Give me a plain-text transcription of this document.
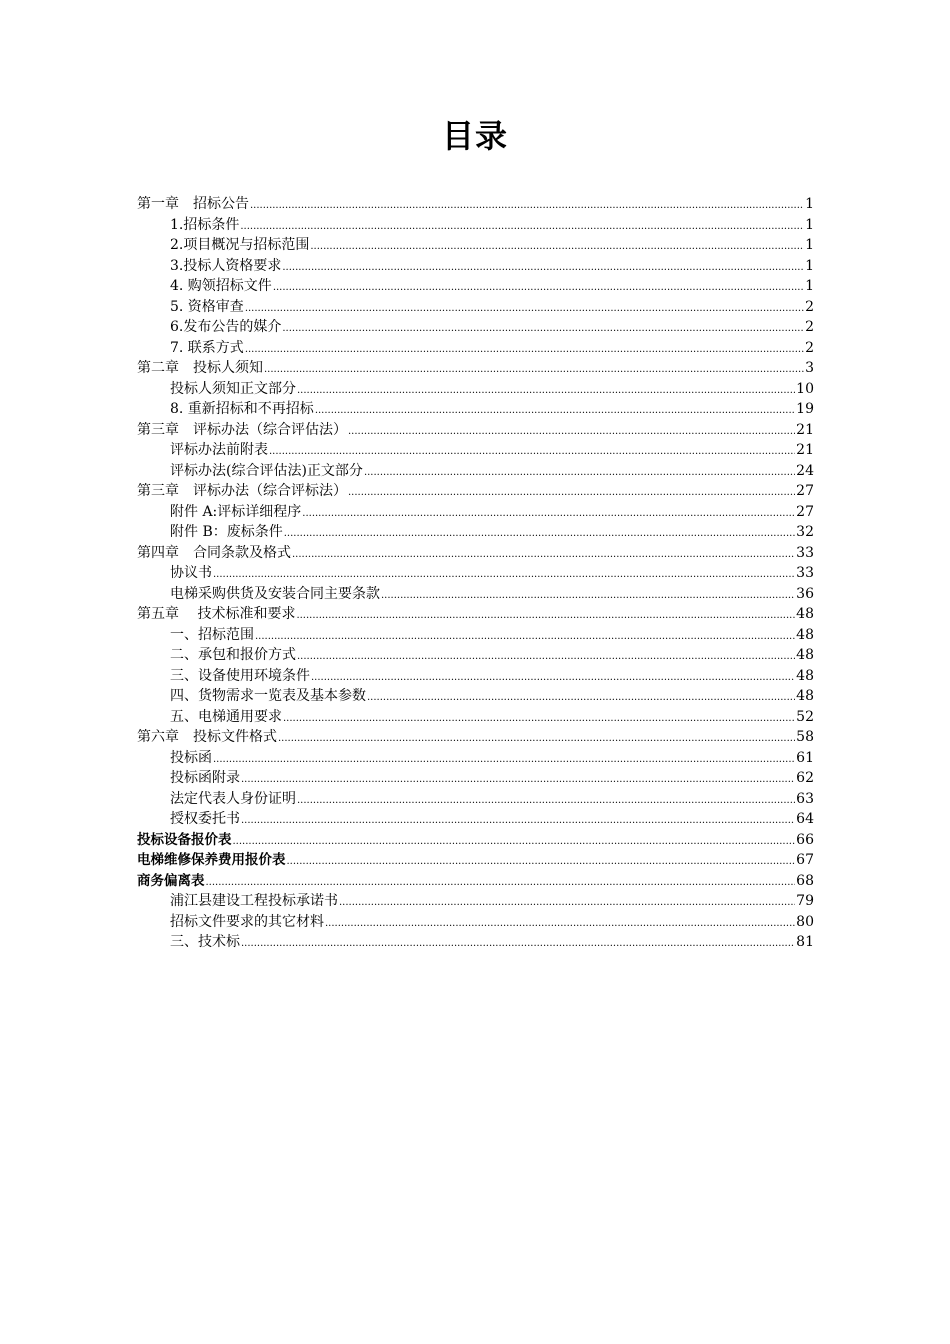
目录
第一章　招标公告 .....	1
1.招标条件 .....	1
2.项目概况与招标范围 .....	1
3.投标人资格要求 .....	1
4. 购领招标文件 .....	1
5. 资格审查 .....	2
6.发布公告的媒介 .....	2
7. 联系方式 .....	2
第二章　投标人须知 .....	3
投标人须知正文部分 .....	10
8. 重新招标和不再招标 .....	19
第三章　评标办法（综合评估法） .....	21
评标办法前附表 .....	21
评标办法(综合评估法)正文部分 .....	24
第三章　评标办法（综合评标法） .....	27
附件 A:评标详细程序 .....	27
附件 B：废标条件 .....	32
第四章　合同条款及格式 .....	33
协议书 .....	33
电梯采购供货及安装合同主要条款 .....	36
第五章　 技术标准和要求 .....	48
一、招标范围 .....	48
二、承包和报价方式 .....	48
三、设备使用环境条件 .....	48
四、货物需求一览表及基本参数 .....	48
五、电梯通用要求 .....	52
第六章　投标文件格式 .....	58
投标函 .....	61
投标函附录 .....	62
法定代表人身份证明 .....	63
授权委托书 .....	64
投标设备报价表 .....	66
电梯维修保养费用报价表 .....	67
商务偏离表 .....	68
浦江县建设工程投标承诺书 .....	79
招标文件要求的其它材料 .....	80
三、技术标 .....	81
